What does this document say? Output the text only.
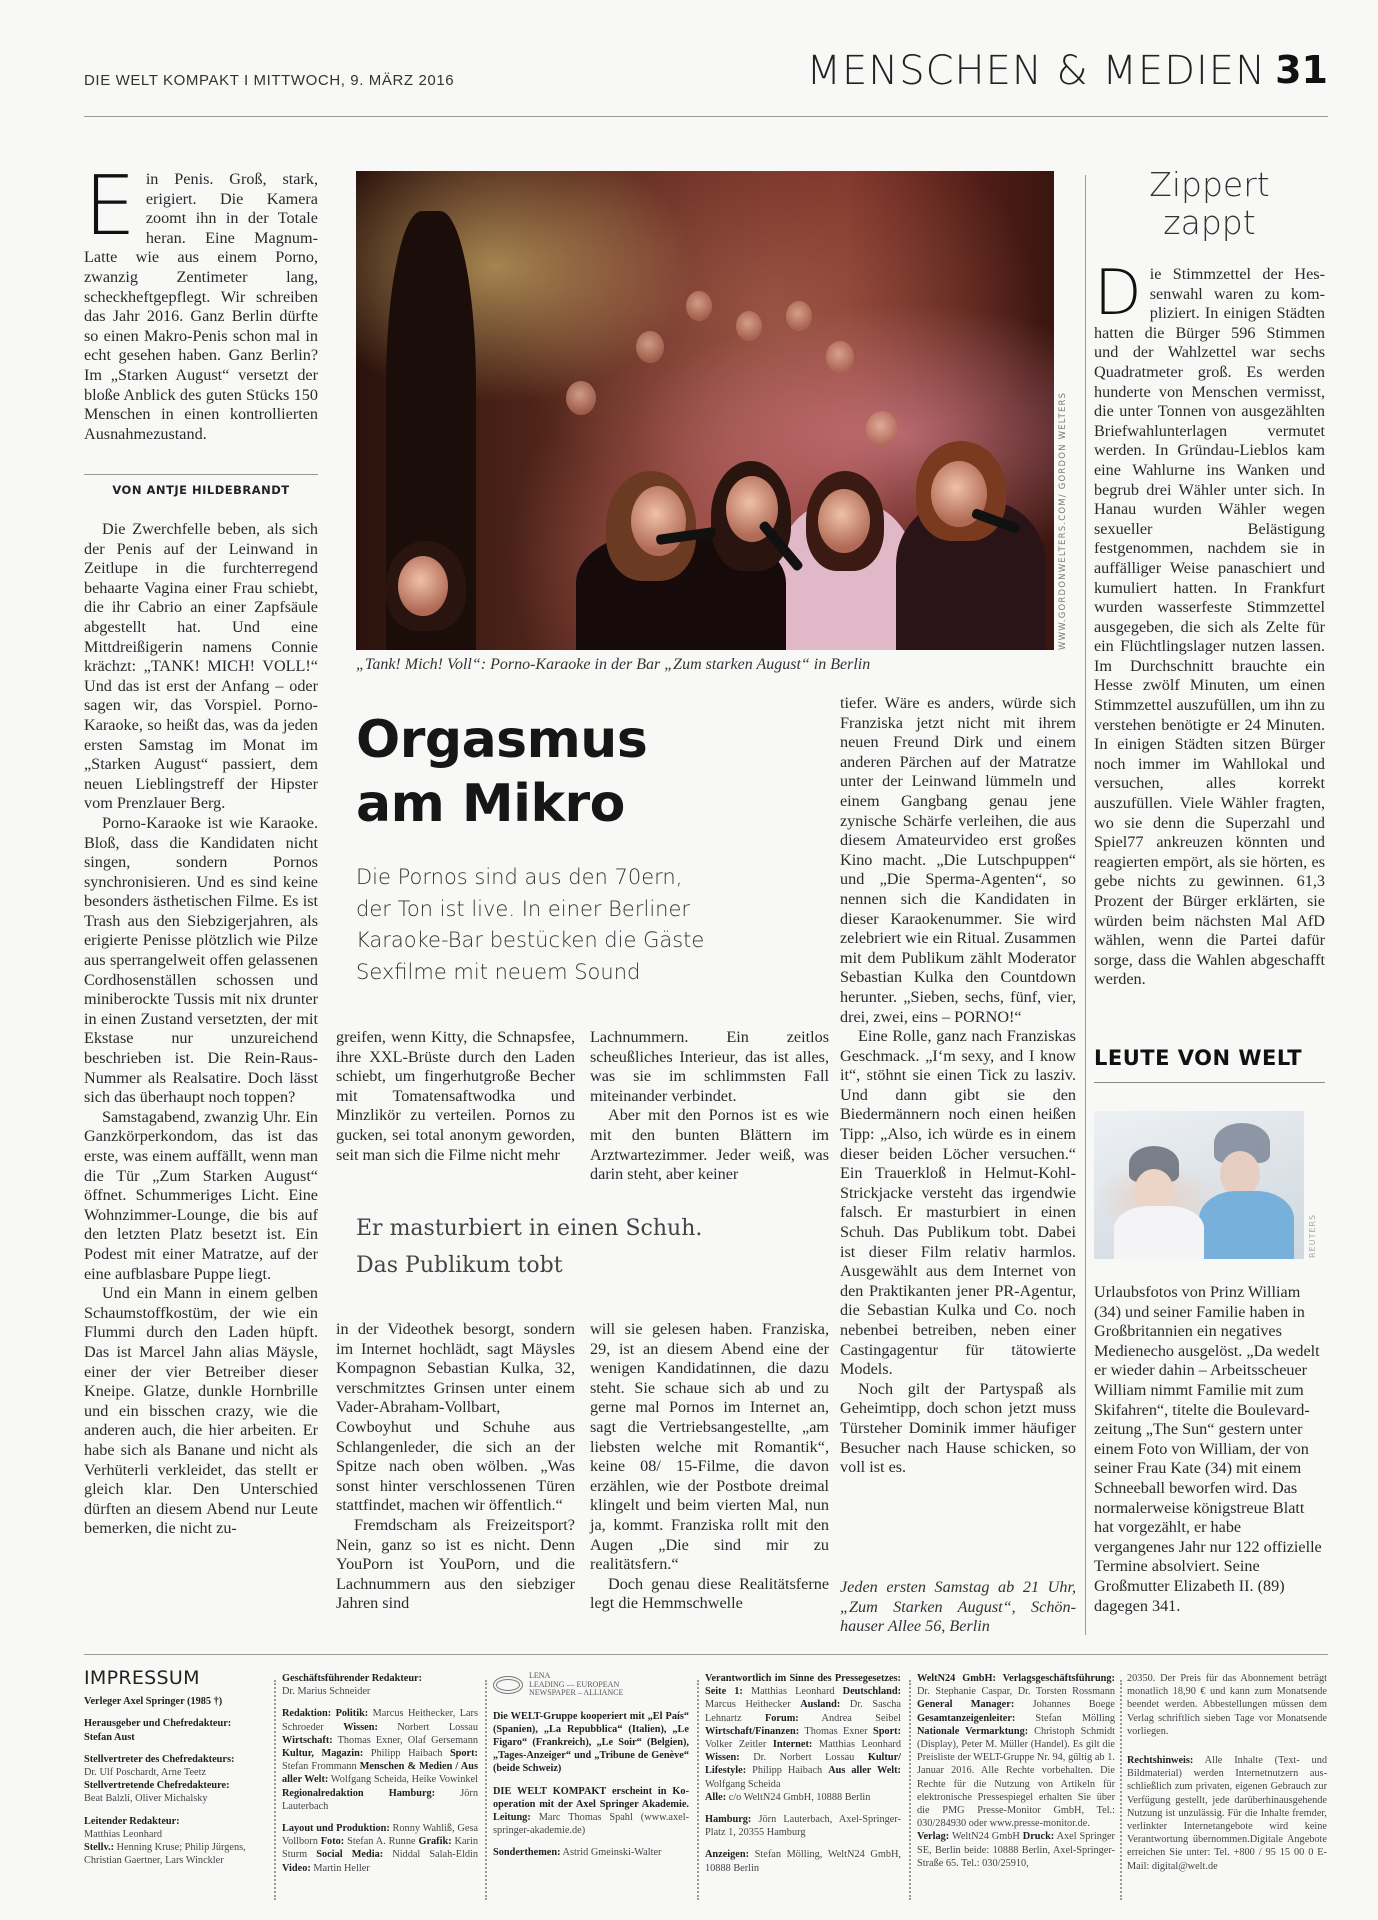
DIE WELT KOMPAKT I MITTWOCH, 9. MÄRZ 2016	MENSCHEN & MEDIEN 31
E in Penis. Groß, stark, erigiert. Die Kamera zoomt ihn in der Totale heran. Eine Magnum-Latte wie aus einem Porno, zwanzig Zentimeter lang, scheckheftgepflegt. Wir schreiben das Jahr 2016. Ganz Berlin dürfte so einen Makro-Penis schon mal in echt gesehen haben. Ganz Berlin? Im „Starken August“ versetzt der bloße Anblick des guten Stücks 150 Menschen in einen kontrollierten Ausnahmezustand.
VON ANTJE HILDEBRANDT

Die Zwerchfelle beben, als sich der Penis auf der Leinwand in Zeitlupe in die furchterregend behaarte Vagina einer Frau schiebt, die ihr Cabrio an einer Zapfsäule abgestellt hat. Und eine Mittdreißigerin namens Connie krächzt: „TANK! MICH! VOLL!“ Und das ist erst der Anfang – oder sagen wir, das Vorspiel. Porno-Karaoke, so heißt das, was da jeden ersten Samstag im Monat im „Starken August“ passiert, dem neuen Lieblingstreff der Hipster vom Prenzlauer Berg.

Porno-Karaoke ist wie Karaoke. Bloß, dass die Kandidaten nicht singen, sondern Pornos synchronisieren. Und es sind keine besonders ästhetischen Filme. Es ist Trash aus den Siebzigerjahren, als erigierte Penisse plötzlich wie Pilze aus sperrangelweit offen gelassenen Cordhosenställen schossen und miniberockte Tussis mit nix drunter in einen Zustand versetzten, der mit Ekstase nur unzureichend beschrieben ist. Die Rein-Raus-Nummer als Realsatire. Doch lässt sich das überhaupt noch toppen?

Samstagabend, zwanzig Uhr. Ein Ganzkörperkondom, das ist das erste, was einem auffällt, wenn man die Tür „Zum Starken August“ öffnet. Schummeriges Licht. Eine Wohnzimmer-Lounge, die bis auf den letzten Platz besetzt ist. Ein Podest mit einer Matratze, auf der eine aufblasbare Puppe liegt.

Und ein Mann in einem gelben Schaumstoffkostüm, der wie ein Flummi durch den Laden hüpft. Das ist Marcel Jahn alias Mäysle, einer der vier Betreiber dieser Kneipe. Glatze, dunkle Hornbrille und ein bisschen crazy, wie die anderen auch, die hier arbeiten. Er habe sich als Banane und nicht als Verhüterli verkleidet, das stellt er gleich klar. Den Unterschied dürften an diesem Abend nur Leute bemerken, die nicht zu-

WWW.GORDONWELTERS.COM/ GORDON WELTERS
„Tank! Mich! Voll“: Porno-Karaoke in der Bar „Zum starken August“ in Berlin
Orgasmus
am Mikro
Die Pornos sind aus den 70ern, der Ton ist live. In einer Berliner Karaoke-Bar bestücken die Gäste Sexfilme mit neuem Sound

greifen, wenn Kitty, die Schnapsfee, ihre XXL-Brüste durch den Laden schiebt, um fingerhutgroße Becher mit Tomatensaftwodka und Minzlikör zu verteilen. Pornos zu gucken, sei total anonym geworden, seit man sich die Filme nicht mehr

Lachnummern. Ein zeitlos scheußliches Interieur, das ist alles, was sie im schlimmsten Fall miteinander verbindet.

Aber mit den Pornos ist es wie mit den bunten Blättern im Arztwartezimmer. Jeder weiß, was darin steht, aber keiner

Er masturbiert in einen Schuh.
Das Publikum tobt

in der Videothek besorgt, sondern im Internet hochlädt, sagt Mäysles Kompagnon Sebastian Kulka, 32, verschmitztes Grinsen unter einem Vader-Abraham-Vollbart, Cowboyhut und Schuhe aus Schlangenleder, die sich an der Spitze nach oben wölben. „Was sonst hinter verschlossenen Türen stattfindet, machen wir öffentlich.“

Fremdscham als Freizeitsport? Nein, ganz so ist es nicht. Denn YouPorn ist YouPorn, und die Lachnummern aus den siebziger Jahren sind

will sie gelesen haben. Franziska, 29, ist an diesem Abend eine der wenigen Kandidatinnen, die dazu steht. Sie schaue sich ab und zu gerne mal Pornos im Internet an, sagt die Vertriebsangestellte, „am liebsten welche mit Romantik“, keine 08/ 15-Filme, die davon erzählen, wie der Postbote dreimal klingelt und beim vierten Mal, nun ja, kommt. Franziska rollt mit den Augen „Die sind mir zu realitätsfern.“

Doch genau diese Realitätsferne legt die Hemmschwelle

tiefer. Wäre es anders, würde sich Franziska jetzt nicht mit ihrem neuen Freund Dirk und einem anderen Pärchen auf der Matratze unter der Leinwand lümmeln und einem Gangbang genau jene zynische Schärfe verleihen, die aus diesem Amateurvideo erst großes Kino macht. „Die Lutschpuppen“ und „Die Sperma-Agenten“, so nennen sich die Kandidaten in dieser Karaokenummer. Sie wird zelebriert wie ein Ritual. Zusammen mit dem Publikum zählt Moderator Sebastian Kulka den Countdown herunter. „Sieben, sechs, fünf, vier, drei, zwei, eins – PORNO!“

Eine Rolle, ganz nach Franziskas Geschmack. „I‘m sexy, and I know it“, stöhnt sie einen Tick zu lasziv. Und dann gibt sie den Biedermännern noch einen heißen Tipp: „Also, ich würde es in einem dieser beiden Löcher versuchen.“ Ein Trauerkloß in Helmut-Kohl-Strickjacke versteht das irgendwie falsch. Er masturbiert in einen Schuh. Das Publikum tobt. Dabei ist dieser Film relativ harmlos. Ausgewählt aus dem Internet von den Praktikanten jener PR-Agentur, die Sebastian Kulka und Co. noch nebenbei betreiben, neben einer Castingagentur für tätowierte Models.

Noch gilt der Partyspaß als Geheimtipp, doch schon jetzt muss Türsteher Dominik immer häufiger Besucher nach Hause schicken, so voll ist es.

Jeden ersten Samstag ab 21 Uhr, „Zum Starken August“, Schönhauser Allee 56, Berlin
Zippert
zappt
D ie Stimmzettel der Hessenwahl waren zu kompliziert. In einigen Städten hatten die Bürger 596 Stimmen und der Wahlzettel war sechs Quadratmeter groß. Es werden hunderte von Menschen vermisst, die unter Tonnen von ausgezählten Briefwahlunterlagen vermutet werden. In Gründau-Lieblos kam eine Wahlurne ins Wanken und begrub drei Wähler unter sich. In Hanau wurden Wähler wegen sexueller Belästigung festgenommen, nachdem sie in auffälliger Weise panaschiert und kumuliert hatten. In Frankfurt wurden wasserfeste Stimmzettel ausgegeben, die sich als Zelte für ein Flüchtlingslager nutzen lassen. Im Durchschnitt brauchte ein Hesse zwölf Minuten, um einen Stimmzettel auszufüllen, um ihn zu verstehen benötigte er 24 Minuten. In einigen Städten sitzen Bürger noch immer im Wahllokal und versuchen, alles korrekt auszufüllen. Viele Wähler fragten, wo sie denn die Superzahl und Spiel77 ankreuzen könnten und reagierten empört, als sie hörten, es gebe nichts zu gewinnen. 61,3 Prozent der Bürger erklärten, sie würden beim nächsten Mal AfD wählen, wenn die Partei dafür sorge, dass die Wahlen abgeschafft werden.
LEUTE VON WELT
REUTERS
Urlaubsfotos von Prinz William (34) und seiner Familie haben in Großbritannien ein negatives Medienecho ausgelöst. „Da wedelt er wieder dahin – Arbeitsscheuer William nimmt Familie mit zum Skifahren“, titelte die Boulevardzeitung „The Sun“ gestern unter einem Foto von William, der von seiner Frau Kate (34) mit einem Schneeball beworfen wird. Das normalerweise königstreue Blatt hat vorgezählt, er habe vergangenes Jahr nur 122 offizielle Termine absolviert. Seine Großmutter Elizabeth II. (89) dagegen 341.
IMPRESSUM

Verleger Axel Springer (1985 †)

Herausgeber und Chefredakteur:
Stefan Aust

Stellvertreter des Chefredakteurs:
Dr. Ulf Poschardt, Arne Teetz

Stellvertretende Chefredakteure:
Beat Balzli, Oliver Michalsky

Leitender Redakteur:
Matthias Leonhard

Stellv.: Henning Kruse; Philip Jürgens, Christian Gaertner, Lars Winckler

Geschäftsführender Redakteur:
Dr. Marius Schneider

Redaktion: Politik: Marcus Heithecker, Lars Schroeder Wissen: Norbert Lossau Wirtschaft: Thomas Exner, Olaf Gersemann Kultur, Magazin: Philipp Haibach Sport: Stefan Frommann Menschen & Medien / Aus aller Welt: Wolfgang Scheida, Heike Vowinkel Regionalredaktion Hamburg: Jörn Lauterbach

Layout und Produktion: Ronny Wahliß, Gesa Vollborn Foto: Stefan A. Runne Grafik: Karin Sturm Social Media: Niddal Salah-Eldin Video: Martin Heller

LENA
LEADING — EUROPEAN
NEWSPAPER – ALLIANCE

Die WELT-Gruppe kooperiert mit „El País“ (Spanien), „La Repubblica“ (Italien), „Le Figaro“ (Frankreich), „Le Soir“ (Belgien), „Tages-Anzeiger“ und „Tribune de Genève“ (beide Schweiz)

DIE WELT KOMPAKT erscheint in Kooperation mit der Axel Springer Akademie. Leitung: Marc Thomas Spahl (www.axel-springer-akademie.de)

Sonderthemen: Astrid Gmeinski-Walter

Verantwortlich im Sinne des Pressegesetzes: Seite 1: Matthias Leonhard Deutschland: Marcus Heithecker Ausland: Dr. Sascha Lehnartz Forum: Andrea Seibel Wirtschaft/Finanzen: Thomas Exner Sport: Volker Zeitler Internet: Matthias Leonhard Wissen: Dr. Norbert Lossau Kultur/ Lifestyle: Philipp Haibach Aus aller Welt: Wolfgang Scheida
Alle: c/o WeltN24 GmbH, 10888 Berlin

Hamburg: Jörn Lauterbach, Axel-Springer-Platz 1, 20355 Hamburg

Anzeigen: Stefan Mölling, WeltN24 GmbH, 10888 Berlin

WeltN24 GmbH: Verlagsgeschäftsführung: Dr. Stephanie Caspar, Dr. Torsten Rossmann General Manager: Johannes Boege Gesamtanzeigenleiter: Stefan Mölling Nationale Vermarktung: Christoph Schmidt (Display), Peter M. Müller (Handel). Es gilt die Preisliste der WELT-Gruppe Nr. 94, gültig ab 1. Januar 2016. Alle Rechte vorbehalten. Die Rechte für die Nutzung von Artikeln für elektronische Pressespiegel erhalten Sie über die PMG Presse-Monitor GmbH, Tel.: 030/284930 oder www.presse-monitor.de.
Verlag: WeltN24 GmbH Druck: Axel Springer SE, Berlin beide: 10888 Berlin, Axel-Springer-Straße 65. Tel.: 030/25910,

20350. Der Preis für das Abonnement beträgt monatlich 18,90 € und kann zum Monatsende beendet werden. Abbestellungen müssen dem Verlag schriftlich sieben Tage vor Monatsende vorliegen.

Rechtshinweis: Alle Inhalte (Text- und Bildmaterial) werden Internetnutzern ausschließlich zum privaten, eigenen Gebrauch zur Verfügung gestellt, jede darüberhinausgehende Nutzung ist unzulässig. Für die Inhalte fremder, verlinkter Internetangebote wird keine Verantwortung übernommen.Digitale Angebote erreichen Sie unter: Tel. +800 / 95 15 00 0 E-Mail: digital@welt.de
